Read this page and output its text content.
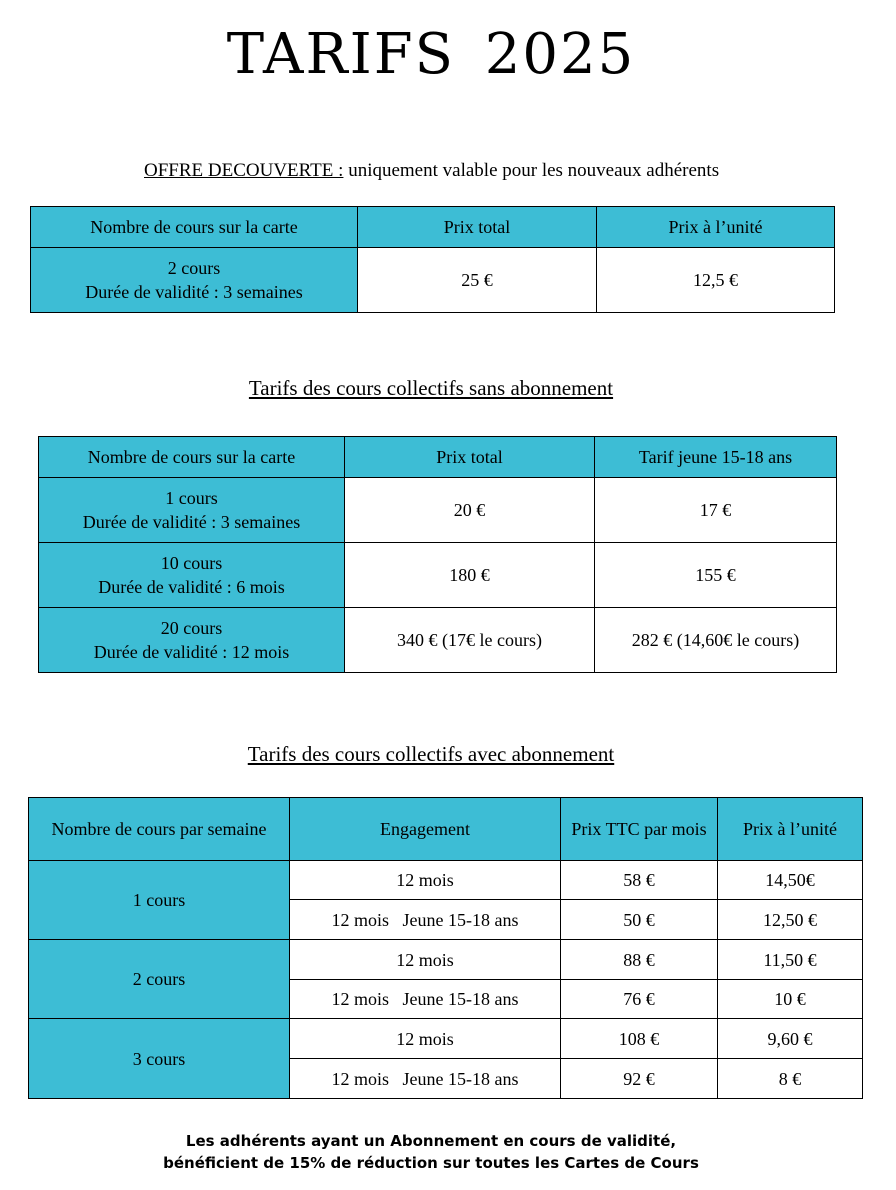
TARIFS 2025
OFFRE DECOUVERTE : uniquement valable pour les nouveaux adhérents
Nombre de cours sur la carte	Prix total	Prix à l’unité

2 cours
Durée de validité : 3 semaines	25 €	12,5 €
Tarifs des cours collectifs sans abonnement
Nombre de cours sur la carte	Prix total	Tarif jeune 15-18 ans

1 cours
Durée de validité : 3 semaines	20 €	17 €

10 cours
Durée de validité : 6 mois	180 €	155 €

20 cours
Durée de validité : 12 mois	340 € (17€ le cours)	282 € (14,60€ le cours)
Tarifs des cours collectifs avec abonnement
Nombre de cours par semaine	Engagement	Prix TTC par mois	Prix à l’unité
1 cours	12 mois	58 €	14,50€
	12 mois   Jeune 15-18 ans	50 €	12,50 €
2 cours	12 mois	88 €	11,50 €
	12 mois   Jeune 15-18 ans	76 €	10 €
3 cours	12 mois	108 €	9,60 €
	12 mois   Jeune 15-18 ans	92 €	8 €
Les adhérents ayant un Abonnement en cours de validité,
bénéficient de 15% de réduction sur toutes les Cartes de Cours
